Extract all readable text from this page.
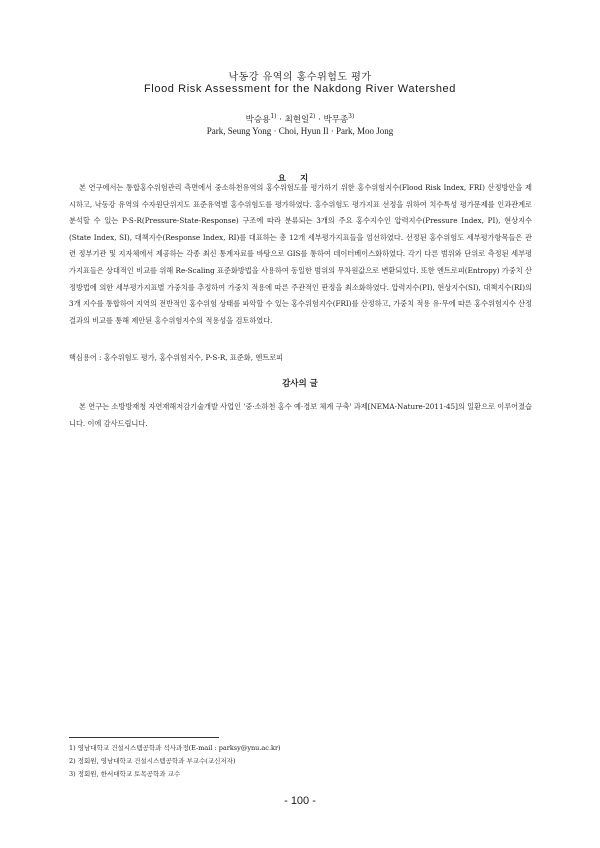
낙동강 유역의 홍수위험도 평가
Flood Risk Assessment for the Nakdong River Watershed
박승용$^{1)}$ · 최현일$^{2)}$ · 박무종$^{3)}$
Park, Seung Yong · Choi, Hyun Il · Park, Moo Jong
요지

본 연구에서는 통합홍수위험관리 측면에서 중소하천유역의 홍수위험도를 평가하기 위한 홍수위험지수(Flood Risk Index, FRI) 산정방안을 제시하고, 낙동강 유역의 수자원단위지도 표준유역별 홍수위험도를 평가하였다. 홍수위험도 평가지표 선정을 위하여 치수특성 평가문제를 인과관계로 분석할 수 있는 P-S-R(Pressure-State-Response) 구조에 따라 분류되는 3개의 주요 홍수지수인 압력지수(Pressure Index, PI), 현상지수(State Index, SI), 대책지수(Response Index, RI)를 대표하는 총 12개 세부평가지표들을 엄선하였다. 선정된 홍수위험도 세부평가항목들은 관련 정부기관 및 지자체에서 제공하는 각종 최신 통계자료를 바탕으로 GIS를 통하여 데이터베이스화하였다. 각기 다른 범위와 단위로 측정된 세부평가지표들은 상대적인 비교를 위해 Re-Scaling 표준화방법을 사용하여 동일한 범위의 무차원값으로 변환되었다. 또한 엔트로피(Entropy) 가중치 산정방법에 의한 세부평가지표별 가중치를 추정하여 가중치 적용에 따른 주관적인 판정을 최소화하였다. 압력지수(PI), 현상지수(SI), 대책지수(RI)의 3개 지수를 통합하여 지역의 전반적인 홍수위험 상태를 파악할 수 있는 홍수위험지수(FRI)를 산정하고, 가중치 적용 유·무에 따른 홍수위험지수 산정결과의 비교를 통해 제안된 홍수위험지수의 적용성을 검토하였다.

핵심용어 : 홍수위험도 평가, 홍수위험지수, P-S-R, 표준화, 엔트로피
감사의 글

본 연구는 소방방재청 자연재해저감기술개발 사업인 '중·소하천 홍수 예·경보 체계 구축' 과제[NEMA-Nature-2011-45]의 일환으로 이루어졌습니다. 이에 감사드립니다.

1) 영남대학교 건설시스템공학과 석사과정(E-mail : parksy@ynu.ac.kr)
2) 정회원, 영남대학교 건설시스템공학과 부교수(교신저자)
3) 정회원, 한서대학교 토목공학과 교수
- 100 -
